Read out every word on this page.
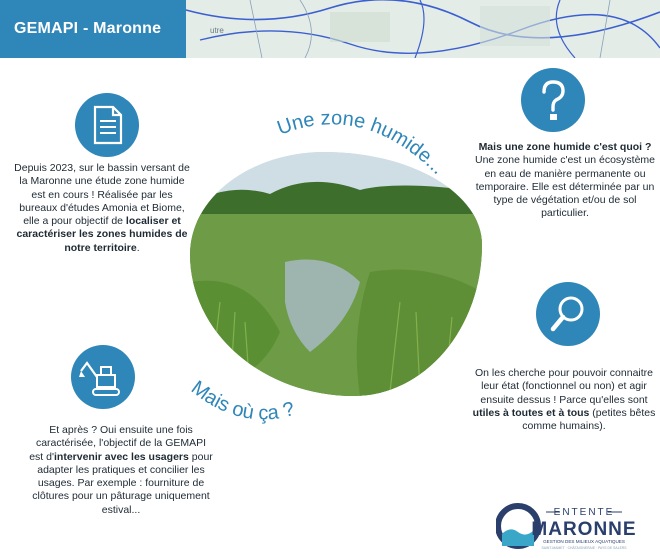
utre
GEMAPI - Maronne
Depuis 2023, sur le bassin versant de la Maronne une étude zone humide est en cours ! Réalisée par les bureaux d'études Amonia et Biome, elle a pour objectif de localiser et caractériser les zones humides de notre territoire.
Mais une zone humide c'est quoi ?
Une zone humide c'est un écosystème en eau de manière permanente ou temporaire. Elle est déterminée par un type de végétation et/ou de sol particulier.
Une zone humide...
Mais où ça ?
On les cherche pour pouvoir connaitre leur état (fonctionnel ou non) et agir ensuite dessus ! Parce qu'elles sont utiles à toutes et à tous (petites bêtes comme humains).
Et après ? Oui ensuite une fois caractérisée, l'objectif de la GEMAPI est d'intervenir avec les usagers pour adapter les pratiques et concilier les usages. Par exemple : fourniture de clôtures pour un pâturage uniquement estival...	ENTENTE
MARONNE
GESTION DES MILIEUX AQUATIQUES
SAINT-MAMET · CHÂTAIGNERAIE · PAYS DE SALERS
